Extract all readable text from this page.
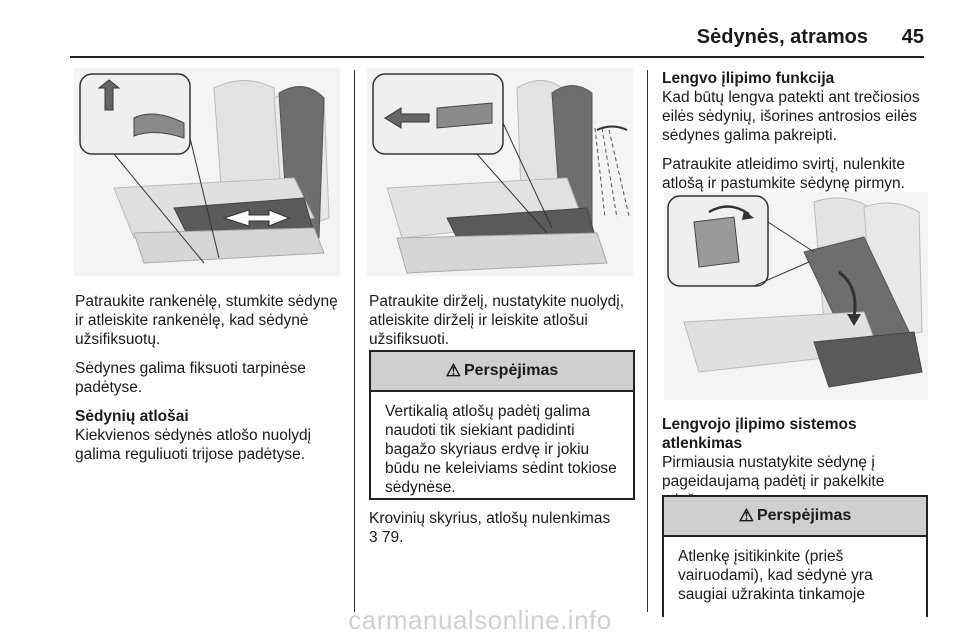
Sėdynės, atramos 45

Patraukite rankenėlę, stumkite sėdynę ir atleiskite rankenėlę, kad sėdynė užsifiksuotų.

Sėdynes galima fiksuoti tarpinėse padėtyse.

Sėdynių atlošai

Kiekvienos sėdynės atlošo nuolydį galima reguliuoti trijose padėtyse.

Patraukite dirželį, nustatykite nuolydį, atleiskite dirželį ir leiskite atlošui užsifiksuoti.

⚠ Perspėjimas
Vertikalią atlošų padėtį galima naudoti tik siekiant padidinti bagažo skyriaus erdvę ir jokiu būdu ne keleiviams sėdint tokiose sėdynėse.

Krovinių skyrius, atlošų nulenkimas

3 79.

Lengvo įlipimo funkcija

Kad būtų lengva patekti ant trečiosios eilės sėdynių, išorines antrosios eilės sėdynes galima pakreipti.

Patraukite atleidimo svirtį, nulenkite atlošą ir pastumkite sėdynę pirmyn.

Lengvojo įlipimo sistemos atlenkimas

Pirmiausia nustatykite sėdynę į pageidaujamą padėtį ir pakelkite

⚠ Perspėjimas
Atlenkę įsitikinkite (prieš vairuodami), kad sėdynė yra saugiai užrakinta tinkamoje
carmanualsonline.info
